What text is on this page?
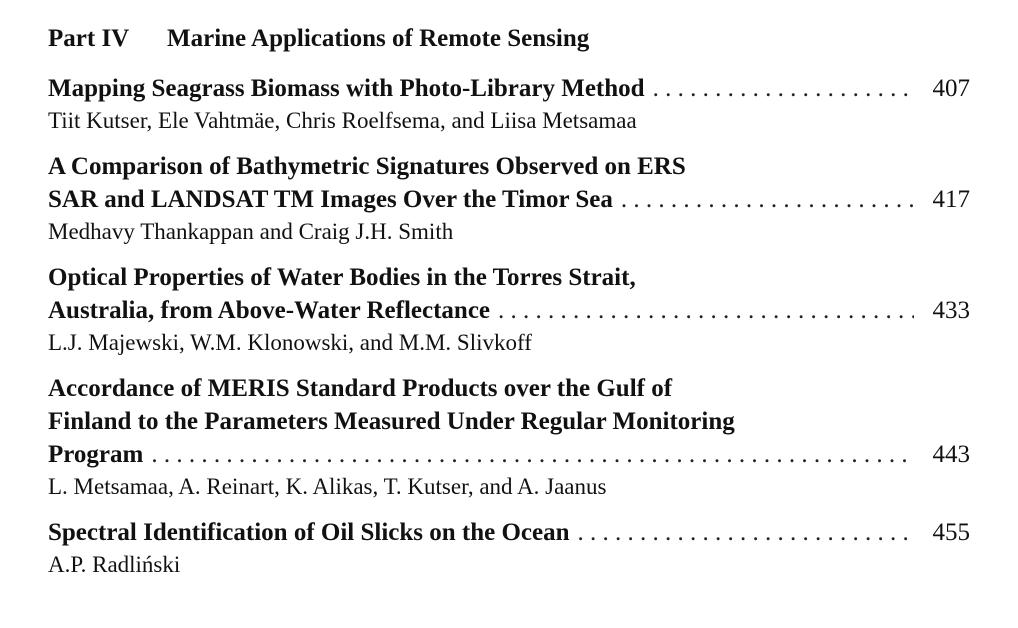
Part IV Marine Applications of Remote Sensing
Mapping Seagrass Biomass with Photo-Library Method . . .	407
Tiit Kutser, Ele Vahtmäe, Chris Roelfsema, and Liisa Metsamaa
A Comparison of Bathymetric Signatures Observed on ERS
SAR and LANDSAT TM Images Over the Timor Sea . . .	417
Medhavy Thankappan and Craig J.H. Smith
Optical Properties of Water Bodies in the Torres Strait,
Australia, from Above-Water Reflectance . . .	433
L.J. Majewski, W.M. Klonowski, and M.M. Slivkoff
Accordance of MERIS Standard Products over the Gulf of
Finland to the Parameters Measured Under Regular Monitoring
Program . . .	443
L. Metsamaa, A. Reinart, K. Alikas, T. Kutser, and A. Jaanus
Spectral Identification of Oil Slicks on the Ocean . . .	455
A.P. Radliński
